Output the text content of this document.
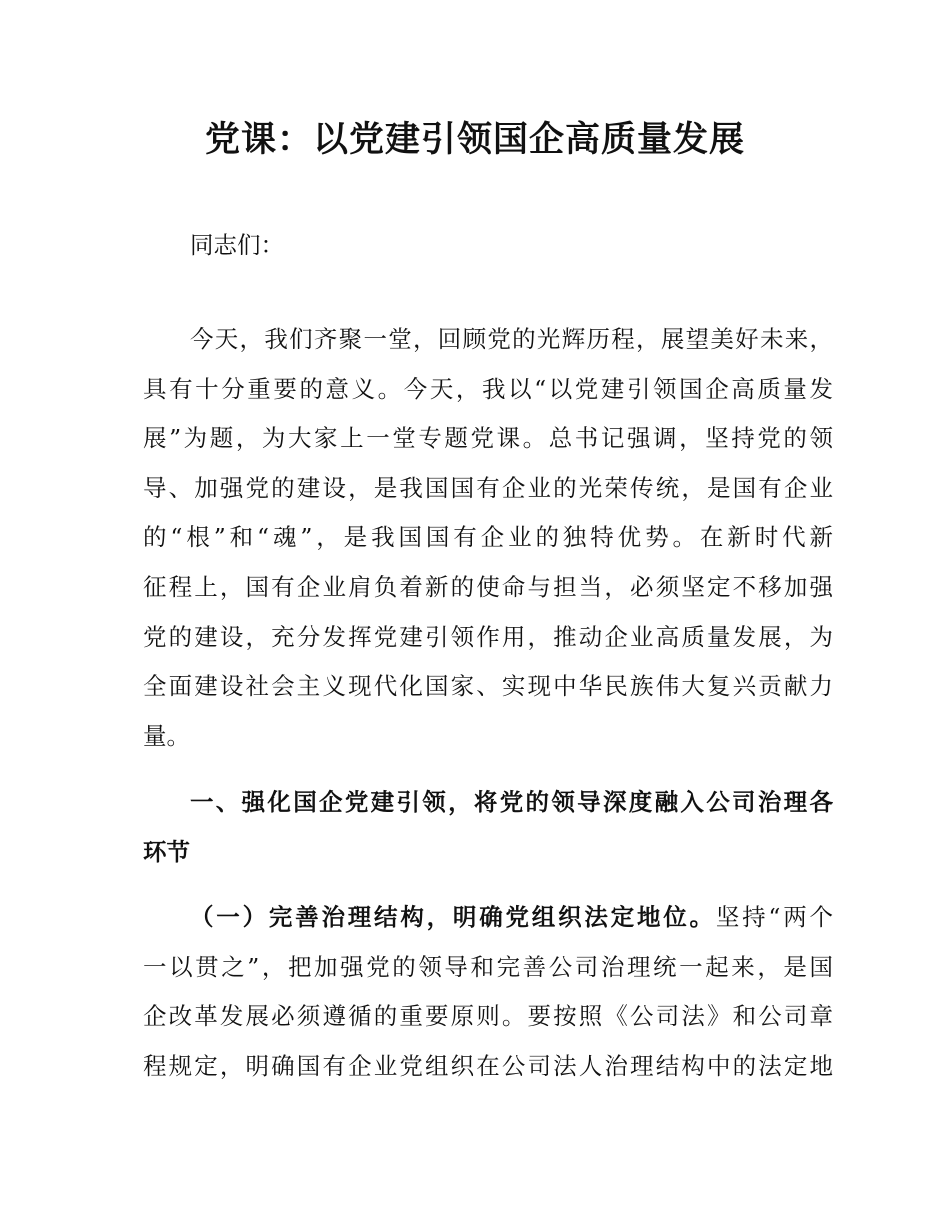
党课：以党建引领国企高质量发展
同志们：
今天，我们齐聚一堂，回顾党的光辉历程，展望美好未来，
具有十分重要的意义。今天，我以“以党建引领国企高质量发
展”为题，为大家上一堂专题党课。总书记强调，坚持党的领
导、加强党的建设，是我国国有企业的光荣传统，是国有企业
的“根”和“魂”，是我国国有企业的独特优势。在新时代新
征程上，国有企业肩负着新的使命与担当，必须坚定不移加强
党的建设，充分发挥党建引领作用，推动企业高质量发展，为
全面建设社会主义现代化国家、实现中华民族伟大复兴贡献力
量。
一、强化国企党建引领，将党的领导深度融入公司治理各
环节
（一）完善治理结构，明确党组织法定地位。坚持“两个
一以贯之”，把加强党的领导和完善公司治理统一起来，是国
企改革发展必须遵循的重要原则。要按照《公司法》和公司章
程规定，明确国有企业党组织在公司法人治理结构中的法定地
